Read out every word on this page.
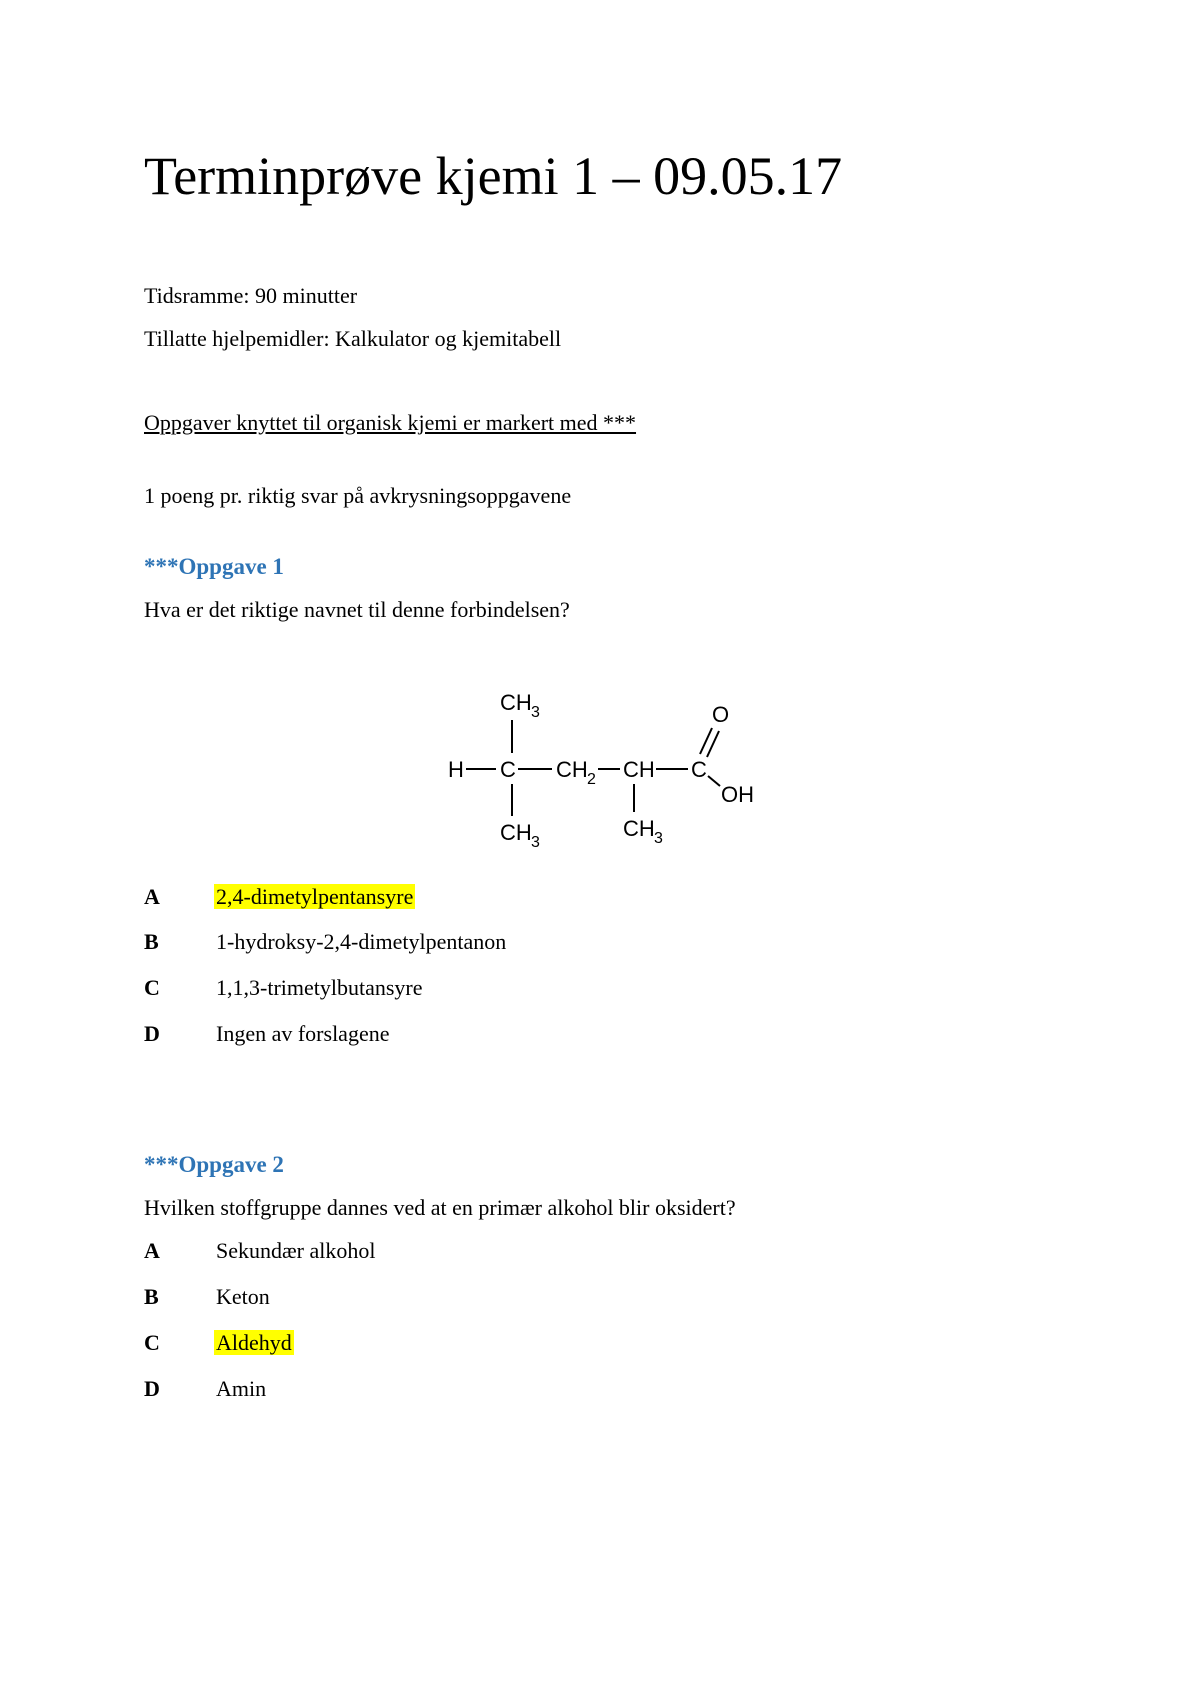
Terminprøve kjemi 1 – 09.05.17
Tidsramme: 90 minutter
Tillatte hjelpemidler: Kalkulator og kjemitabell
Oppgaver knyttet til organisk kjemi er markert med ***
1 poeng pr. riktig svar på avkrysningsoppgavene
***Oppgave 1
Hva er det riktige navnet til denne forbindelsen?
CH 3
H C CH 2 CH C
O
OH
CH 3
CH 3
A	2,4-dimetylpentansyre
B	1-hydroksy-2,4-dimetylpentanon
C	1,1,3-trimetylbutansyre
D	Ingen av forslagene
***Oppgave 2
Hvilken stoffgruppe dannes ved at en primær alkohol blir oksidert?
A	Sekundær alkohol
B	Keton
C	Aldehyd
D	Amin
